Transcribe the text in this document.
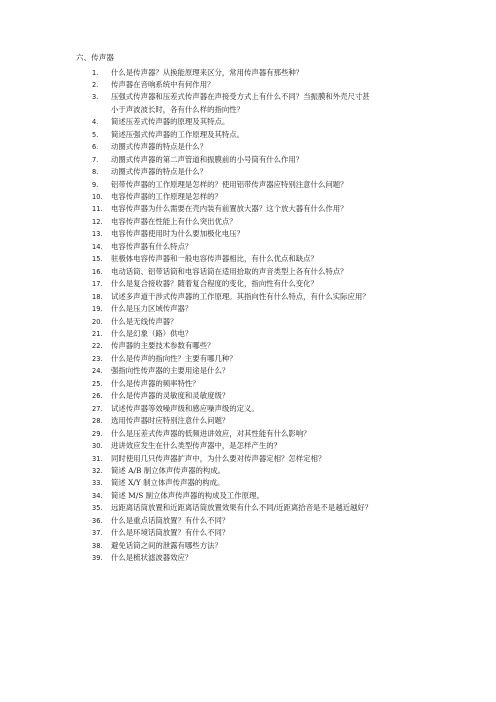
六、传声器
1.	什么是传声器？从换能原理来区分，常用传声器有那些种？
2.	传声器在音响系统中有何作用？
3.	压强式传声器和压差式传声器在声接受方式上有什么不同？当振膜和外壳尺寸甚
小于声波波长时，各有什么样的指向性？
4.	简述压差式传声器的原理及其特点。
5.	简述压强式传声器的工作原理及其特点。
6.	动圈式传声器的特点是什么？
7.	动圈式传声器的第二声管道和振膜前的小号筒有什么作用？
8.	动圈式传声器的特点是什么？
9.	铝带传声器的工作原理是怎样的？使用铝带传声器应特别注意什么问题？
10.	电容传声器的工作原理是怎样的？
11.	电容传声器为什么需要在壳内装有前置放大器？这个放大器有什么作用？
12.	电容传声器在性能上有什么突出优点？
13.	电容传声器使用时为什么要加极化电压？
14.	电容传声器有什么特点？
15.	驻极体电容传声器和一般电容传声器相比，有什么优点和缺点？
16.	电动话筒、铝带话筒和电容话筒在适用拾取的声音类型上各有什么特点？
17.	什么是复合接收器？随着复合程度的变化，指向性有什么变化？
18.	试述多声道干涉式传声器的工作原理。其指向性有什么特点，有什么实际应用？
19.	什么是压力区域传声器？
20.	什么是无线传声器？
21.	什么是幻象（路）供电？
22.	传声器的主要技术参数有哪些？
23.	什么是传声的指向性？主要有哪几种？
24.	强指向性传声器的主要用途是什么？
25.	什么是传声器的频率特性？
26.	什么是传声器的灵敏度和灵敏度级？
27.	试述传声器等效噪声级和感应噪声级的定义。
28.	选用传声器时应特别注意什么问题？
29.	什么是压差式传声器的低频进讲效应，对其性能有什么影响？
30.	进讲效应发生在什么类型传声器中，是怎样产生的？
31.	同时使用几只传声器扩声中，为什么要对传声器定相？怎样定相？
32.	简述 A/B 制立体声传声器的构成。
33.	简述 X/Y 制立体声传声器的构成。
34.	简述 M/S 制立体声传声器的构成及工作原理。
35.	远距离话筒放置和近距离话筒放置效果有什么不同/近距离拾音是不是越近越好？
36.	什么是重点话筒放置？有什么不同？
37.	什么是环境话筒放置？有什么不同？
38.	避免话筒之间的泄露有哪些方法？
39.	什么是梳状滤波器效应？
